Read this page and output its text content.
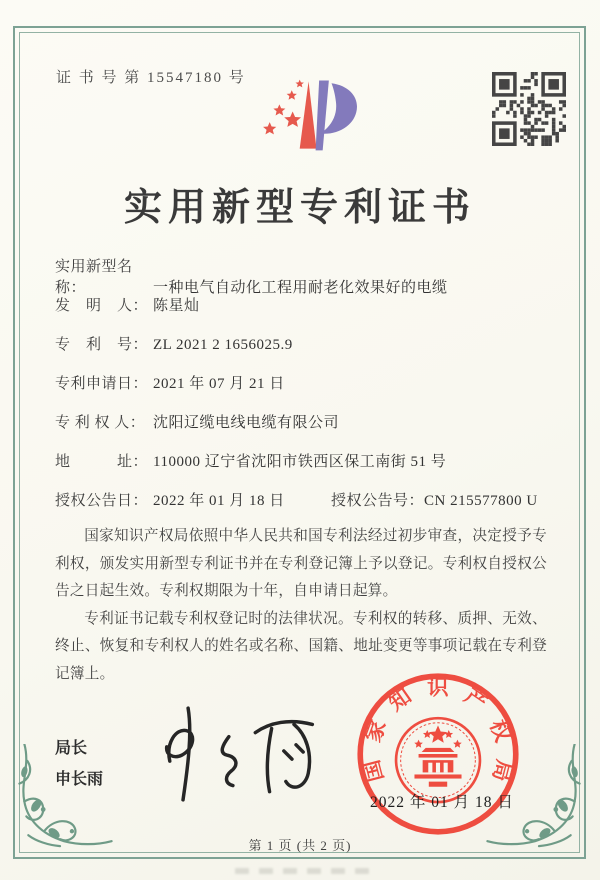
证 书 号 第 15547180 号
实用新型专利证书
实用新型名称：	一种电气自动化工程用耐老化效果好的电缆
发　明　人： 陈星灿
专　利　号： ZL 2021 2 1656025.9
专利申请日： 2021 年 07 月 21 日
专 利 权 人： 沈阳辽缆电线电缆有限公司
地　　　址： 110000 辽宁省沈阳市铁西区保工南街 51 号
授权公告日： 2022 年 01 月 18 日	授权公告号：CN 215577800 U

国家知识产权局依照中华人民共和国专利法经过初步审查，决定授予专利权，颁发实用新型专利证书并在专利登记簿上予以登记。专利权自授权公告之日起生效。专利权期限为十年，自申请日起算。

专利证书记载专利权登记时的法律状况。专利权的转移、质押、无效、终止、恢复和专利权人的姓名或名称、国籍、地址变更等事项记载在专利登记簿上。

局长
申长雨	国家知识产权局
2022 年 01 月 18 日
第 1 页 (共 2 页)
